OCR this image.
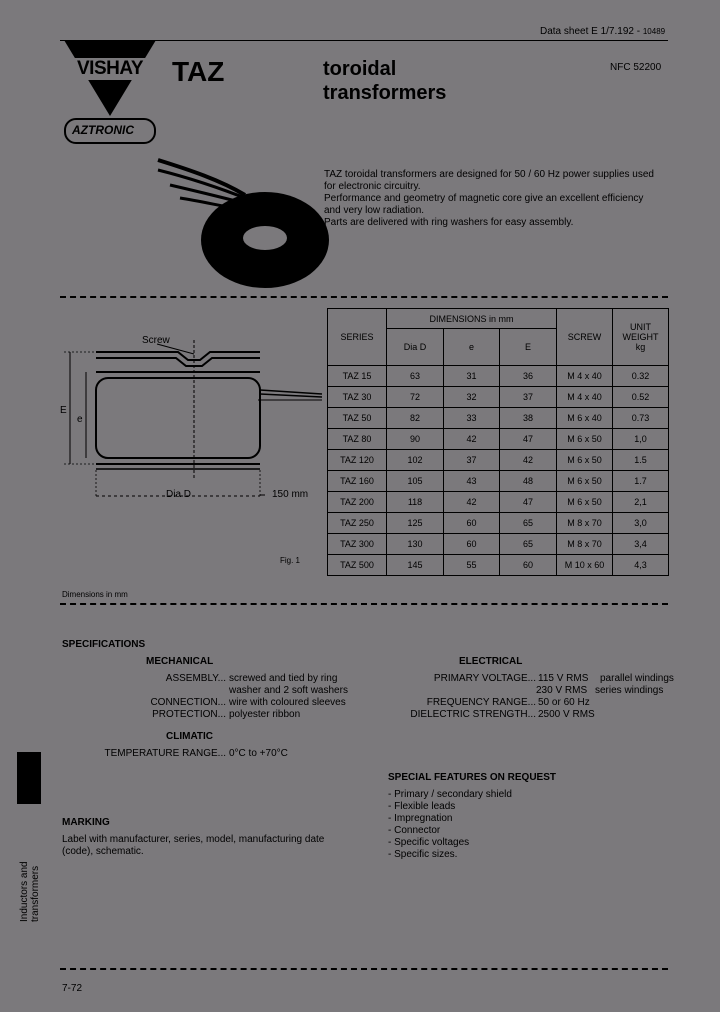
Data sheet E 1/7.192 - 10489
VISHAY	TAZ	toroidal
transformers
NFC 52200
AZTRONIC
TAZ toroidal transformers are designed for 50 / 60 Hz power supplies used
for electronic circuitry.
Performance and geometry of magnetic core give an excellent efficiency
and very low radiation.
Parts are delivered with ring washers for easy assembly.
Screw
E
e
Dia D	150 mm
Fig. 1
SERIES	DIMENSIONS in mm			SCREW	UNIT
WEIGHT
kg

	Dia D	e	E		
TAZ 15	63	31	36	M 4 x 40	0.32
TAZ 30	72	32	37	M 4 x 40	0.52
TAZ 50	82	33	38	M 6 x 40	0.73
TAZ 80	90	42	47	M 6 x 50	1,0
TAZ 120	102	37	42	M 6 x 50	1.5
TAZ 160	105	43	48	M 6 x 50	1.7
TAZ 200	118	42	47	M 6 x 50	2,1
TAZ 250	125	60	65	M 8 x 70	3,0
TAZ 300	130	60	65	M 8 x 70	3,4
TAZ 500	145	55	60	M 10 x 60	4,3
Dimensions in mm
SPECIFICATIONS
MECHANICAL
ASSEMBLY... screwed and tied by ring
washer and 2 soft washers
CONNECTION... wire with coloured sleeves
PROTECTION... polyester ribbon
CLIMATIC
TEMPERATURE RANGE... 0°C to +70°C
ELECTRICAL
PRIMARY VOLTAGE... 115 V RMS parallel windings
230 V RMS series windings
FREQUENCY RANGE... 50 or 60 Hz
DIELECTRIC STRENGTH... 2500 V RMS
SPECIAL FEATURES ON REQUEST
- Primary / secondary shield
- Flexible leads
- Impregnation
- Connector
- Specific voltages
- Specific sizes.
MARKING
Label with manufacturer, series, model, manufacturing date
(code), schematic.
Inductors and transformers
7-72
